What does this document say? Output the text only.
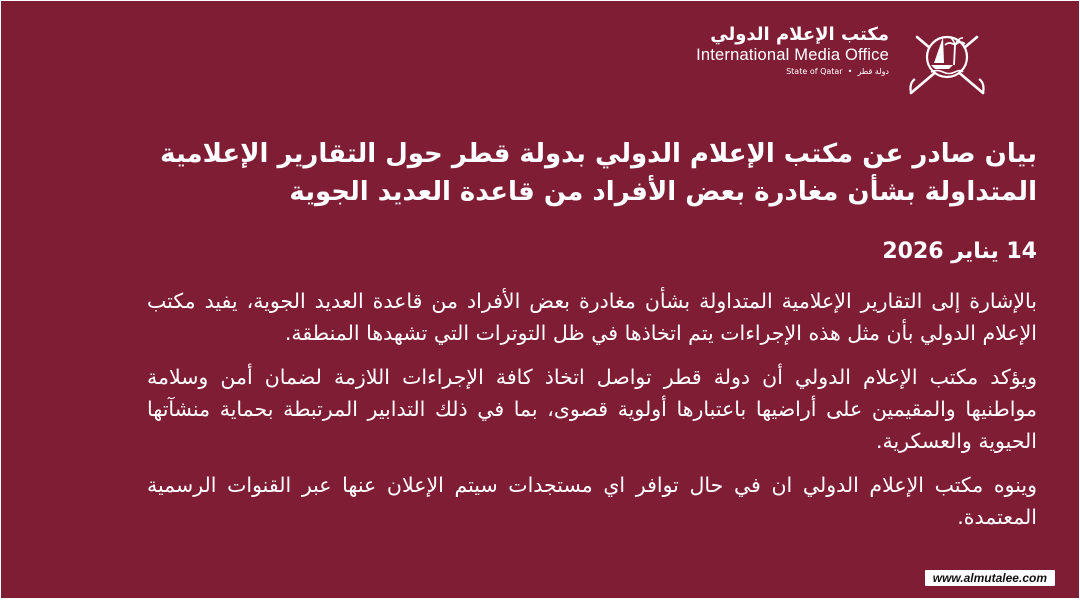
مكتب الإعلام الدولي
International Media Office
State of Qatar  •  دولة قطر
بيان صادر عن مكتب الإعلام الدولي بدولة قطر حول التقارير الإعلامية المتداولة بشأن مغادرة بعض الأفراد من قاعدة العديد الجوية
14 يناير 2026

بالإشارة إلى التقارير الإعلامية المتداولة بشأن مغادرة بعض الأفراد من قاعدة العديد الجوية، يفيد مكتب الإعلام الدولي بأن مثل هذه الإجراءات يتم اتخاذها في ظل التوترات التي تشهدها المنطقة.

ويؤكد مكتب الإعلام الدولي أن دولة قطر تواصل اتخاذ كافة الإجراءات اللازمة لضمان أمن وسلامة مواطنيها والمقيمين على أراضيها باعتبارها أولوية قصوى، بما في ذلك التدابير المرتبطة بحماية منشآتها الحيوية والعسكرية.

وينوه مكتب الإعلام الدولي ان في حال توافر اي مستجدات سيتم الإعلان عنها عبر القنوات الرسمية المعتمدة.

www.almutalee.com
